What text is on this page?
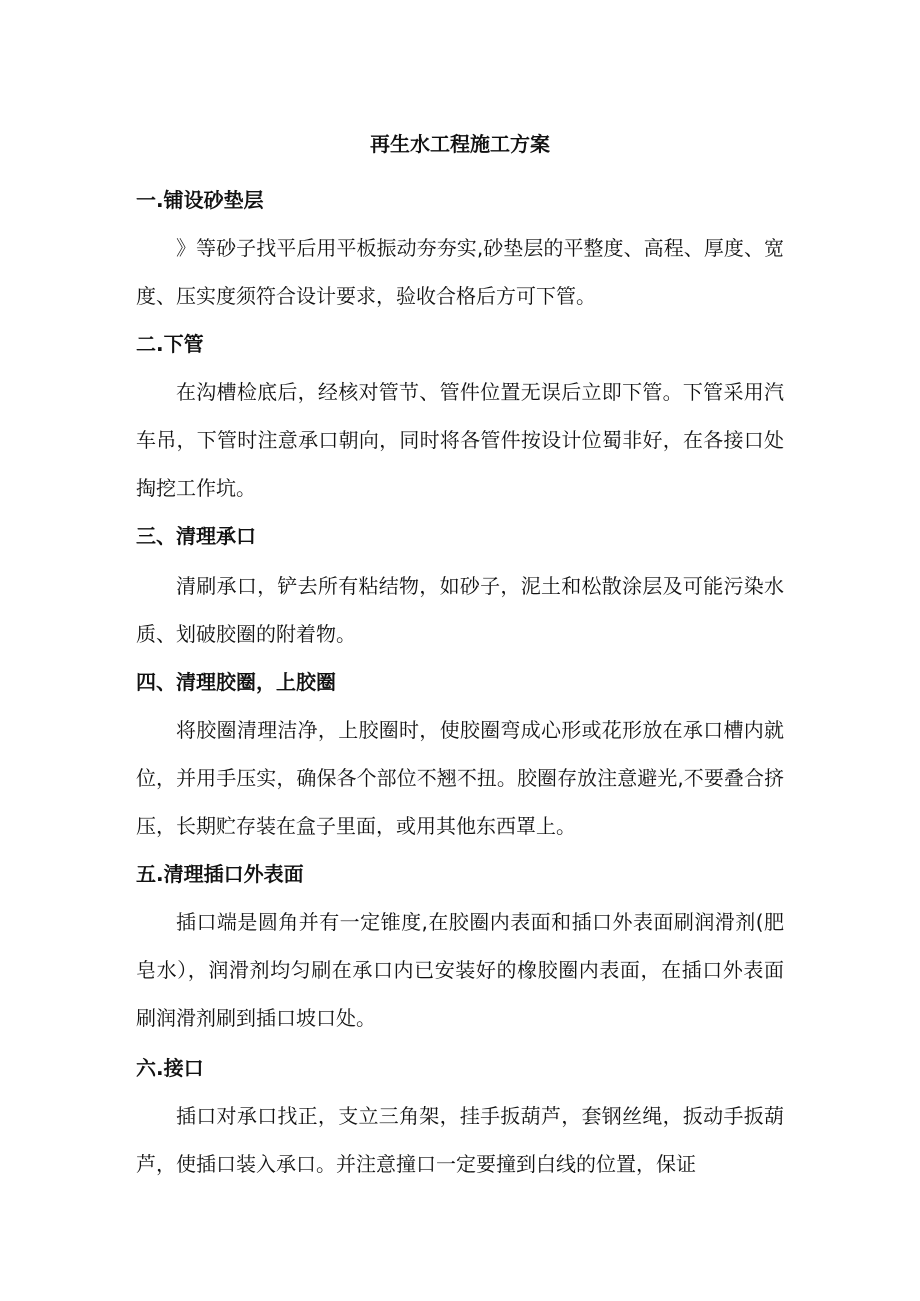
再生水工程施工方案
一.铺设砂垫层

》等砂子找平后用平板振动夯夯实,砂垫层的平整度、高程、厚度、宽度、压实度须符合设计要求，验收合格后方可下管。

二.下管

在沟槽检底后，经核对管节、管件位置无误后立即下管。下管采用汽车吊，下管时注意承口朝向，同时将各管件按设计位蜀非好，在各接口处掏挖工作坑。

三、清理承口

清刷承口，铲去所有粘结物，如砂子，泥土和松散涂层及可能污染水质、划破胶圈的附着物。

四、清理胶圈，上胶圈

将胶圈清理洁净，上胶圈时，使胶圈弯成心形或花形放在承口槽内就位，并用手压实，确保各个部位不翘不扭。胶圈存放注意避光,不要叠合挤压，长期贮存装在盒子里面，或用其他东西罩上。

五.清理插口外表面

插口端是圆角并有一定锥度,在胶圈内表面和插口外表面刷润滑剂(肥皂水），润滑剂均匀刷在承口内已安装好的橡胶圈内表面，在插口外表面刷润滑剂刷到插口坡口处。

六.接口

插口对承口找正，支立三角架，挂手扳葫芦，套钢丝绳，扳动手扳葫芦，使插口装入承口。并注意撞口一定要撞到白线的位置，保证
